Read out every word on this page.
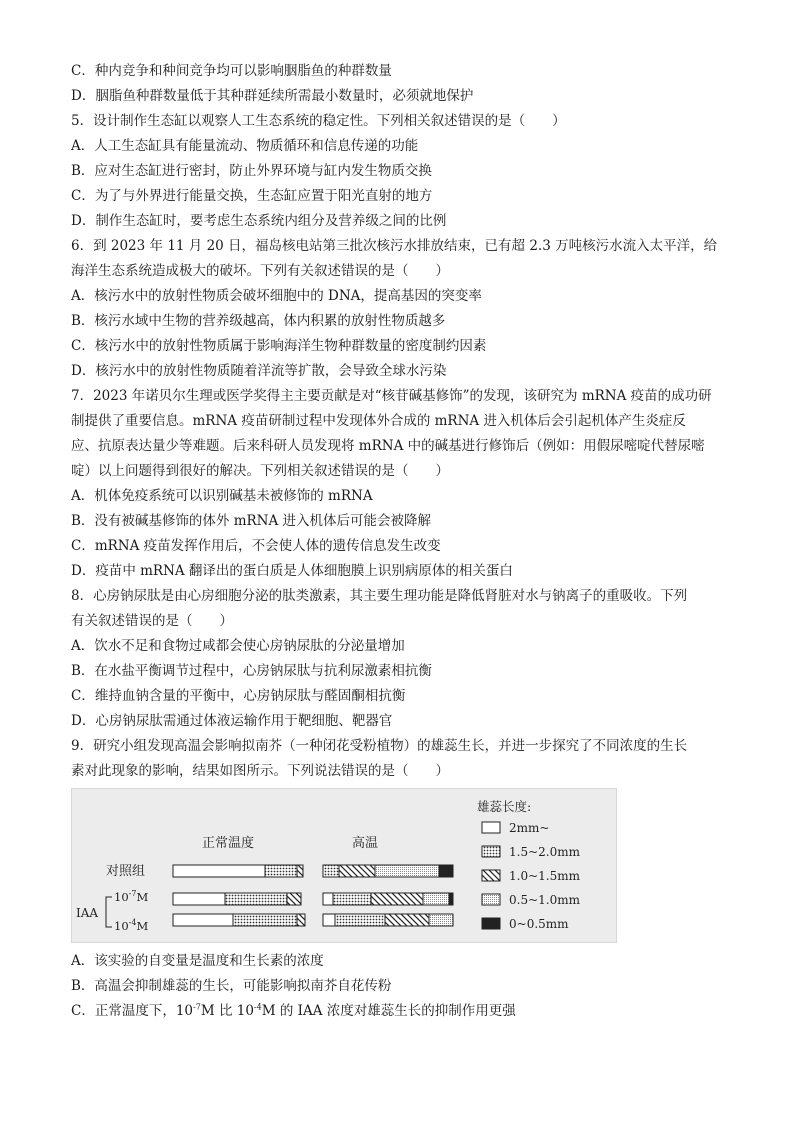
C．种内竞争和种间竞争均可以影响胭脂鱼的种群数量
D．胭脂鱼种群数量低于其种群延续所需最小数量时，必须就地保护
5．设计制作生态缸以观察人工生态系统的稳定性。下列相关叙述错误的是（　　）
A．人工生态缸具有能量流动、物质循环和信息传递的功能
B．应对生态缸进行密封，防止外界环境与缸内发生物质交换
C．为了与外界进行能量交换，生态缸应置于阳光直射的地方
D．制作生态缸时，要考虑生态系统内组分及营养级之间的比例
6．到 2023 年 11 月 20 日，福岛核电站第三批次核污水排放结束，已有超 2.3 万吨核污水流入太平洋，给
海洋生态系统造成极大的破坏。下列有关叙述错误的是（　　）
A．核污水中的放射性物质会破坏细胞中的 DNA，提高基因的突变率
B．核污水域中生物的营养级越高，体内积累的放射性物质越多
C．核污水中的放射性物质属于影响海洋生物种群数量的密度制约因素
D．核污水中的放射性物质随着洋流等扩散，会导致全球水污染
7．2023 年诺贝尔生理或医学奖得主主要贡献是对“核苷碱基修饰”的发现，该研究为 mRNA 疫苗的成功研
制提供了重要信息。mRNA 疫苗研制过程中发现体外合成的 mRNA 进入机体后会引起机体产生炎症反
应、抗原表达量少等难题。后来科研人员发现将 mRNA 中的碱基进行修饰后（例如：用假尿嘧啶代替尿嘧
啶）以上问题得到很好的解决。下列相关叙述错误的是（　　）
A．机体免疫系统可以识别碱基未被修饰的 mRNA
B．没有被碱基修饰的体外 mRNA 进入机体后可能会被降解
C．mRNA 疫苗发挥作用后，不会使人体的遗传信息发生改变
D．疫苗中 mRNA 翻译出的蛋白质是人体细胞膜上识别病原体的相关蛋白
8．心房钠尿肽是由心房细胞分泌的肽类激素，其主要生理功能是降低肾脏对水与钠离子的重吸收。下列
有关叙述错误的是（　　）
A．饮水不足和食物过咸都会使心房钠尿肽的分泌量增加
B．在水盐平衡调节过程中，心房钠尿肽与抗利尿激素相抗衡
C．维持血钠含量的平衡中，心房钠尿肽与醛固酮相抗衡
D．心房钠尿肽需通过体液运输作用于靶细胞、靶器官
9．研究小组发现高温会影响拟南芥（一种闭花受粉植物）的雄蕊生长，并进一步探究了不同浓度的生长
素对此现象的影响，结果如图所示。下列说法错误的是（　　）
正常温度	高温
对照组
IAA
$10^{-7}M$
$10^{-4}M$
雄蕊长度:
2mm~
1.5~2.0mm
1.0~1.5mm
0.5~1.0mm
0~0.5mm
A．该实验的自变量是温度和生长素的浓度
B．高温会抑制雄蕊的生长，可能影响拟南芥自花传粉
C．正常温度下，$10^{-7}M$ 比 $10^{-4}M$ 的 IAA 浓度对雄蕊生长的抑制作用更强
